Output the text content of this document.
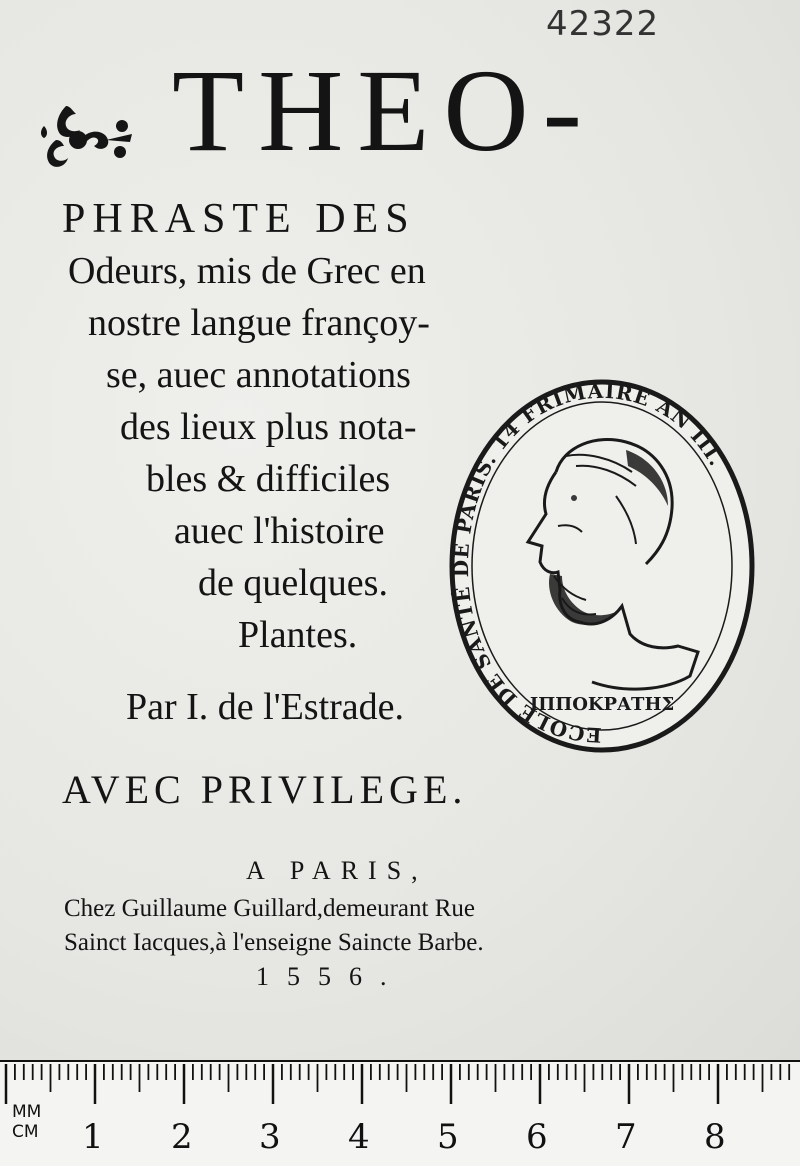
42322
THEO-
PHRASTE DES
Odeurs, mis de Grec en
nostre langue françoy-
se, auec annotations
des lieux plus nota-
bles & difficiles
auec l'histoire
de quelques.
Plantes.
Par I. de l'Estrade.
AVEC PRIVILEGE.
A PARIS,
Chez Guillaume Guillard,demeurant Rue
Sainct Iacques,à l'enseigne Saincte Barbe.
1556.
ECOLE DE SANTÉ DE PARIS. 14 FRIMAIRE AN III.
ΙΠΠΟΚΡΑΤΗΣ
MM
CM 1 2 3 4 5 6 7 8
